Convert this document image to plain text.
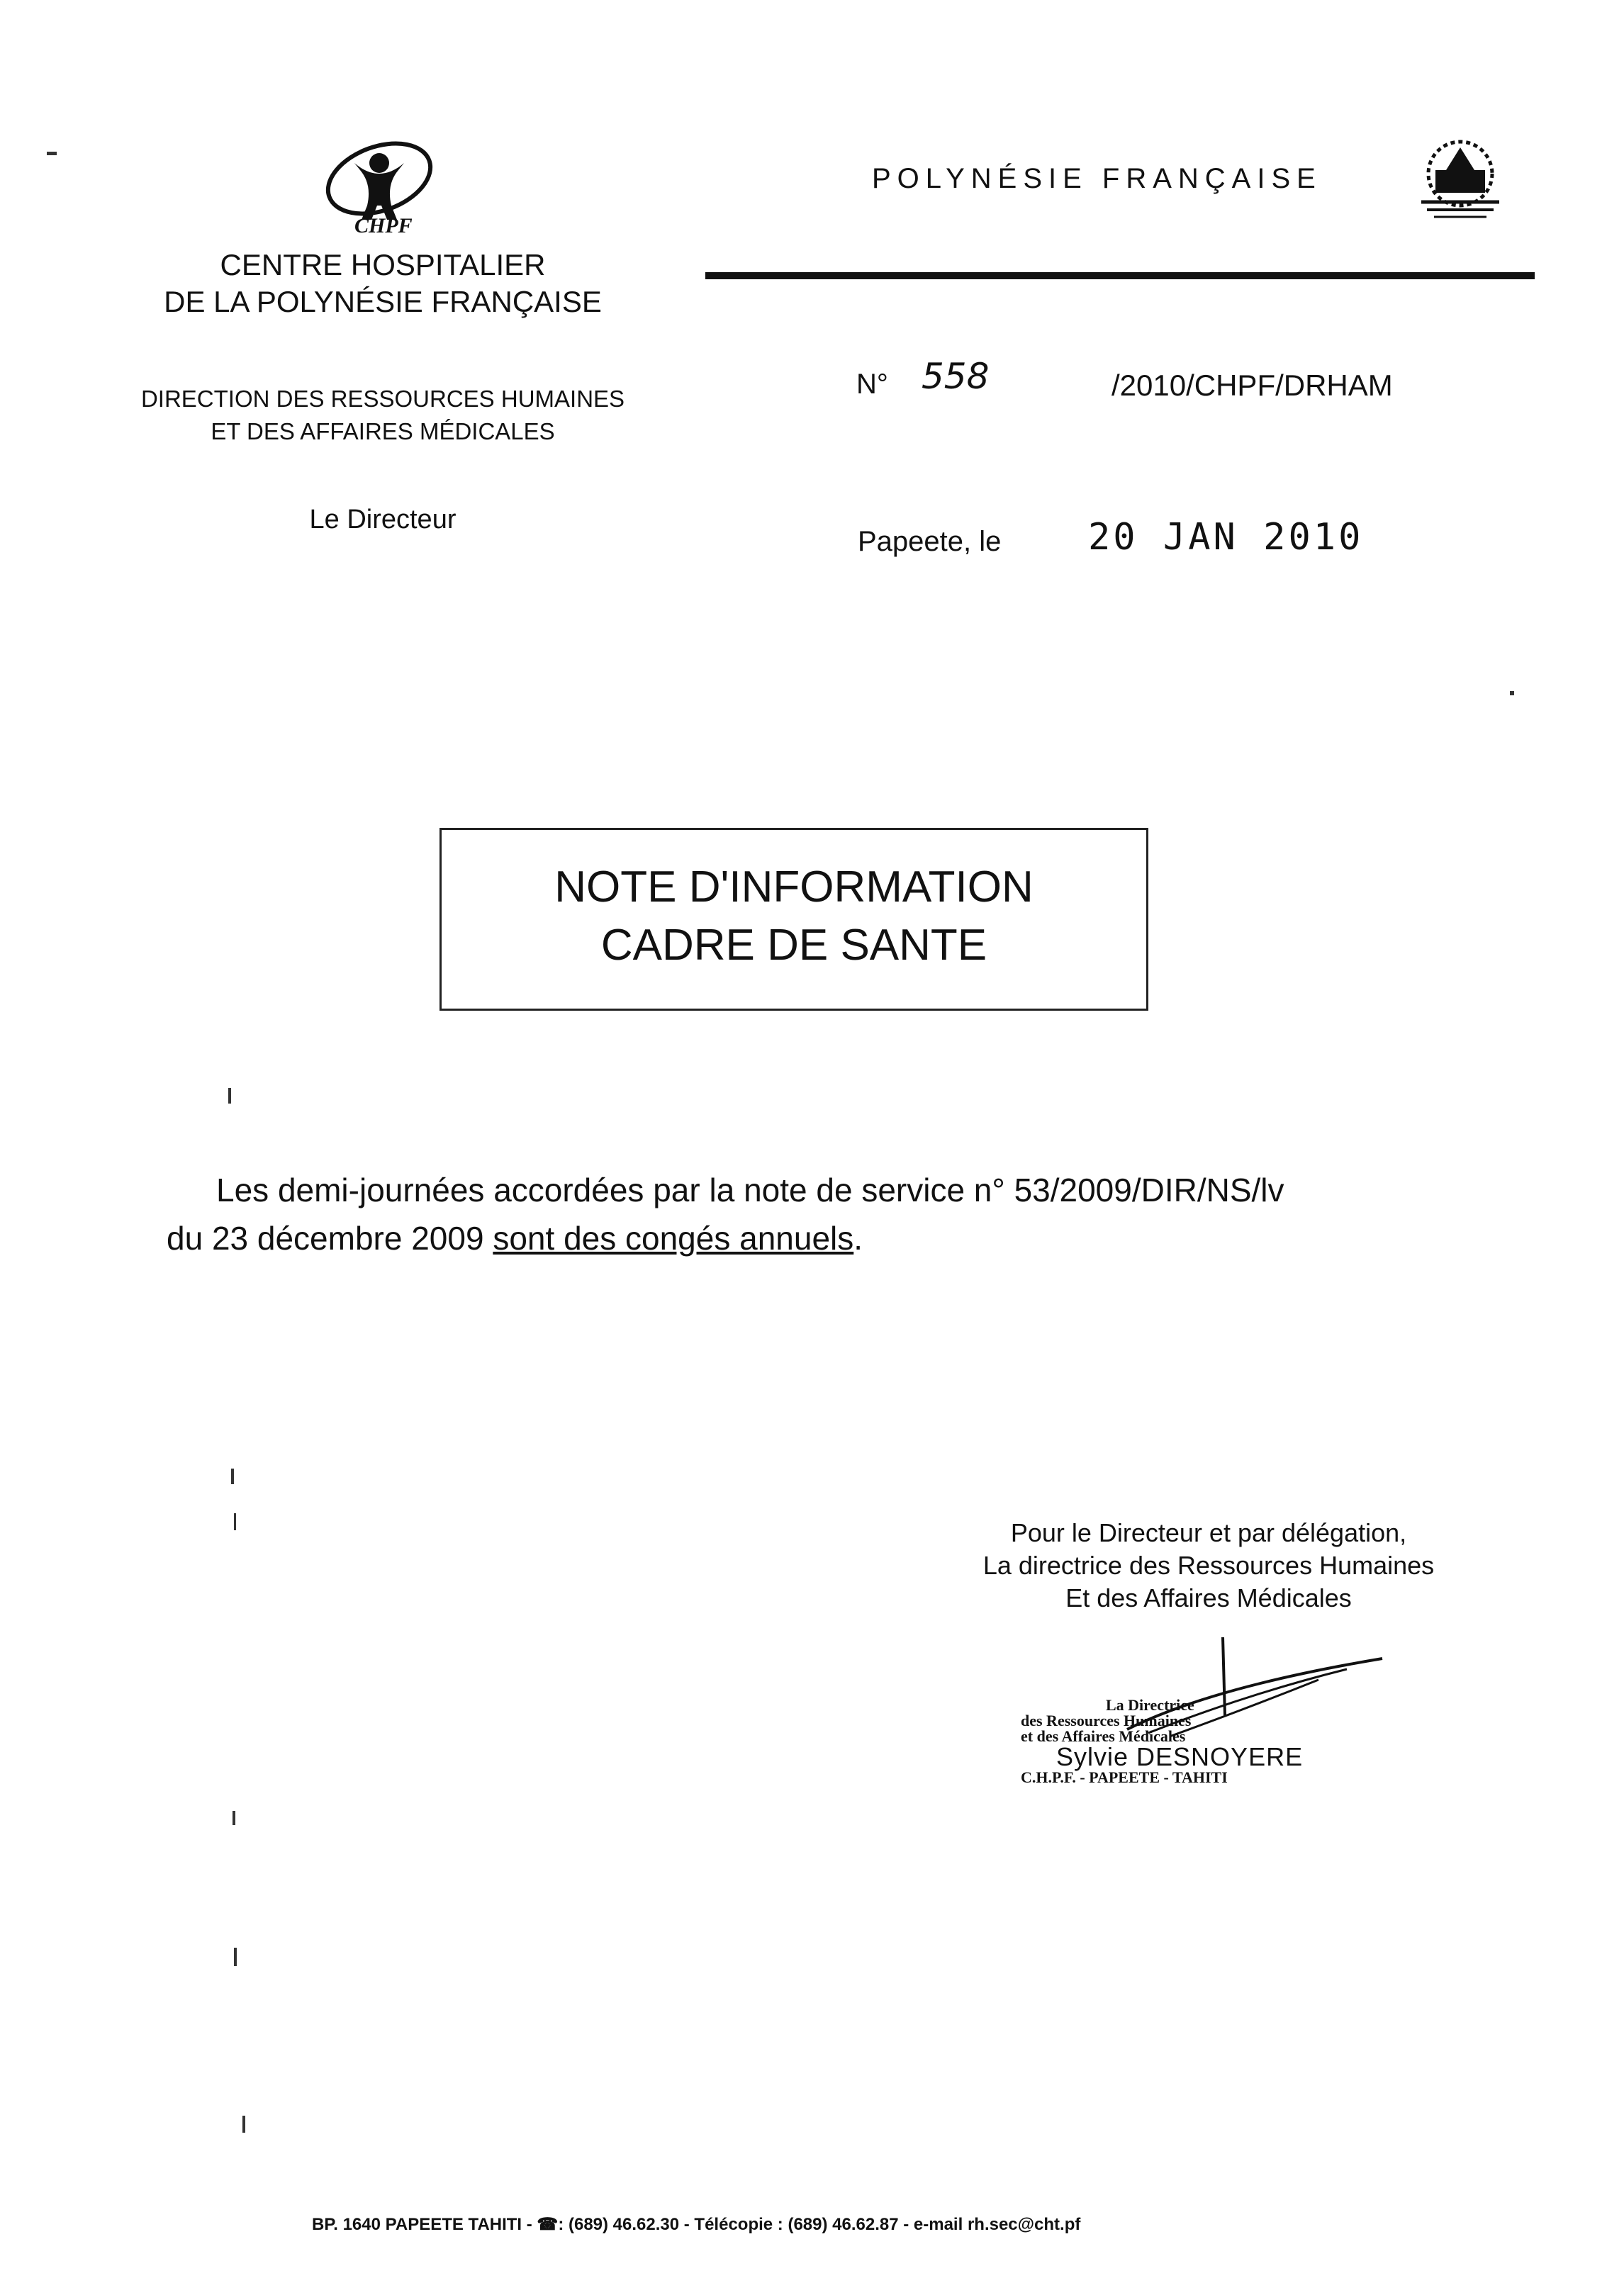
CHPF
CENTRE HOSPITALIER
DE LA POLYNÉSIE FRANÇAISE
DIRECTION DES RESSOURCES HUMAINES
ET DES AFFAIRES MÉDICALES
Le Directeur
POLYNÉSIE FRANÇAISE
N° 558	/2010/CHPF/DRHAM
Papeete, le 20 JAN 2010
NOTE D'INFORMATION
CADRE DE SANTE
Les demi-journées accordées par la note de service n° 53/2009/DIR/NS/lv
du 23 décembre 2009 sont des congés annuels.
Pour le Directeur et par délégation,
La directrice des Ressources Humaines
Et des Affaires Médicales
La Directrice
des Ressources Humaines
et des Affaires Médicales
Sylvie DESNOYERE
C.H.P.F. - PAPEETE - TAHITI
BP. 1640 PAPEETE TAHITI - ☎: (689) 46.62.30 - Télécopie : (689) 46.62.87 - e-mail rh.sec@cht.pf
